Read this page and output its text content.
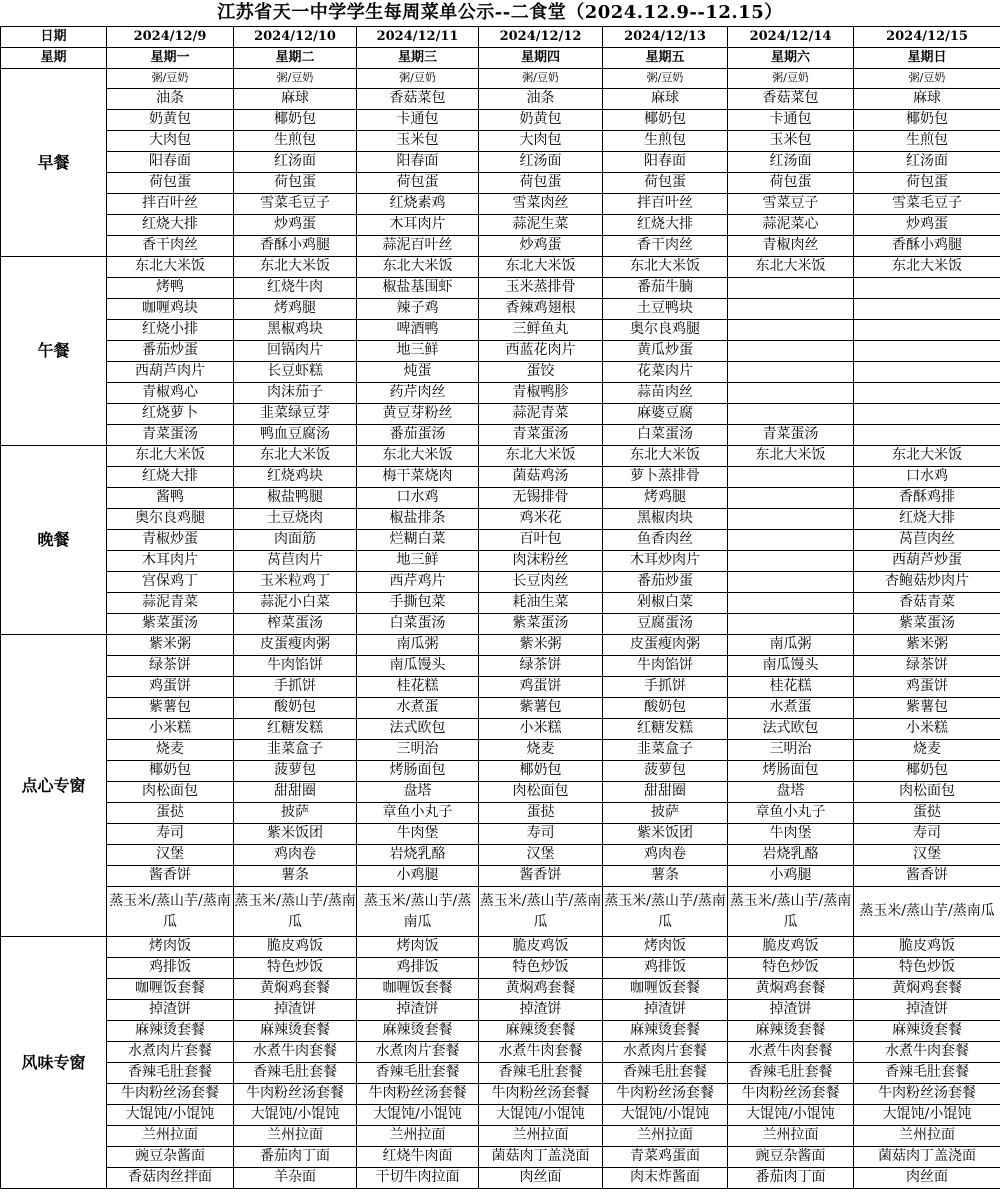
江苏省天一中学学生每周菜单公示--二食堂（2024.12.9--12.15）
日期	2024/12/9	2024/12/10	2024/12/11	2024/12/12	2024/12/13	2024/12/14	2024/12/15
星期	星期一	星期二	星期三	星期四	星期五	星期六	星期日
早餐	粥/豆奶	粥/豆奶	粥/豆奶	粥/豆奶	粥/豆奶	粥/豆奶	粥/豆奶
	油条	麻球	香菇菜包	油条	麻球	香菇菜包	麻球
	奶黄包	椰奶包	卡通包	奶黄包	椰奶包	卡通包	椰奶包
	大肉包	生煎包	玉米包	大肉包	生煎包	玉米包	生煎包
	阳春面	红汤面	阳春面	红汤面	阳春面	红汤面	红汤面
	荷包蛋	荷包蛋	荷包蛋	荷包蛋	荷包蛋	荷包蛋	荷包蛋
	拌百叶丝	雪菜毛豆子	红烧素鸡	雪菜肉丝	拌百叶丝	雪菜豆子	雪菜毛豆子
	红烧大排	炒鸡蛋	木耳肉片	蒜泥生菜	红烧大排	蒜泥菜心	炒鸡蛋
	香干肉丝	香酥小鸡腿	蒜泥百叶丝	炒鸡蛋	香干肉丝	青椒肉丝	香酥小鸡腿
午餐	东北大米饭	东北大米饭	东北大米饭	东北大米饭	东北大米饭	东北大米饭	东北大米饭
	烤鸭	红烧牛肉	椒盐基围虾	玉米蒸排骨	番茄牛腩		
	咖喱鸡块	烤鸡腿	辣子鸡	香辣鸡翅根	土豆鸭块		
	红烧小排	黑椒鸡块	啤酒鸭	三鲜鱼丸	奥尔良鸡腿		
	番茄炒蛋	回锅肉片	地三鲜	西蓝花肉片	黄瓜炒蛋		
	西葫芦肉片	长豆虾糕	炖蛋	蛋饺	花菜肉片		
	青椒鸡心	肉沫茄子	药芹肉丝	青椒鸭胗	蒜苗肉丝		
	红烧萝卜	韭菜绿豆芽	黄豆芽粉丝	蒜泥青菜	麻婆豆腐		
	青菜蛋汤	鸭血豆腐汤	番茄蛋汤	青菜蛋汤	白菜蛋汤	青菜蛋汤	
晚餐	东北大米饭	东北大米饭	东北大米饭	东北大米饭	东北大米饭	东北大米饭	东北大米饭
	红烧大排	红烧鸡块	梅干菜烧肉	菌菇鸡汤	萝卜蒸排骨		口水鸡
	酱鸭	椒盐鸭腿	口水鸡	无锡排骨	烤鸡腿		香酥鸡排
	奥尔良鸡腿	土豆烧肉	椒盐排条	鸡米花	黑椒肉块		红烧大排
	青椒炒蛋	肉面筋	烂糊白菜	百叶包	鱼香肉丝		莴苣肉丝
	木耳肉片	莴苣肉片	地三鲜	肉沫粉丝	木耳炒肉片		西葫芦炒蛋
	宫保鸡丁	玉米粒鸡丁	西芹鸡片	长豆肉丝	番茄炒蛋		杏鲍菇炒肉片
	蒜泥青菜	蒜泥小白菜	手撕包菜	耗油生菜	剁椒白菜		香菇青菜
	紫菜蛋汤	榨菜蛋汤	白菜蛋汤	紫菜蛋汤	豆腐蛋汤		紫菜蛋汤
点心专窗	紫米粥	皮蛋瘦肉粥	南瓜粥	紫米粥	皮蛋瘦肉粥	南瓜粥	紫米粥
	绿茶饼	牛肉馅饼	南瓜馒头	绿茶饼	牛肉馅饼	南瓜馒头	绿茶饼
	鸡蛋饼	手抓饼	桂花糕	鸡蛋饼	手抓饼	桂花糕	鸡蛋饼
	紫薯包	酸奶包	水煮蛋	紫薯包	酸奶包	水煮蛋	紫薯包
	小米糕	红糖发糕	法式欧包	小米糕	红糖发糕	法式欧包	小米糕
	烧麦	韭菜盒子	三明治	烧麦	韭菜盒子	三明治	烧麦
	椰奶包	菠萝包	烤肠面包	椰奶包	菠萝包	烤肠面包	椰奶包
	肉松面包	甜甜圈	盘塔	肉松面包	甜甜圈	盘塔	肉松面包
	蛋挞	披萨	章鱼小丸子	蛋挞	披萨	章鱼小丸子	蛋挞
	寿司	紫米饭团	牛肉堡	寿司	紫米饭团	牛肉堡	寿司
	汉堡	鸡肉卷	岩烧乳酪	汉堡	鸡肉卷	岩烧乳酪	汉堡
	酱香饼	薯条	小鸡腿	酱香饼	薯条	小鸡腿	酱香饼
	蒸玉米/蒸山芋/蒸南瓜	蒸玉米/蒸山芋/蒸南瓜	蒸玉米/蒸山芋/蒸南瓜	蒸玉米/蒸山芋/蒸南瓜	蒸玉米/蒸山芋/蒸南瓜	蒸玉米/蒸山芋/蒸南瓜	蒸玉米/蒸山芋/蒸南瓜
风味专窗	烤肉饭	脆皮鸡饭	烤肉饭	脆皮鸡饭	烤肉饭	脆皮鸡饭	脆皮鸡饭
	鸡排饭	特色炒饭	鸡排饭	特色炒饭	鸡排饭	特色炒饭	特色炒饭
	咖喱饭套餐	黄焖鸡套餐	咖喱饭套餐	黄焖鸡套餐	咖喱饭套餐	黄焖鸡套餐	黄焖鸡套餐
	掉渣饼	掉渣饼	掉渣饼	掉渣饼	掉渣饼	掉渣饼	掉渣饼
	麻辣烫套餐	麻辣烫套餐	麻辣烫套餐	麻辣烫套餐	麻辣烫套餐	麻辣烫套餐	麻辣烫套餐
	水煮肉片套餐	水煮牛肉套餐	水煮肉片套餐	水煮牛肉套餐	水煮肉片套餐	水煮牛肉套餐	水煮牛肉套餐
	香辣毛肚套餐	香辣毛肚套餐	香辣毛肚套餐	香辣毛肚套餐	香辣毛肚套餐	香辣毛肚套餐	香辣毛肚套餐
	牛肉粉丝汤套餐	牛肉粉丝汤套餐	牛肉粉丝汤套餐	牛肉粉丝汤套餐	牛肉粉丝汤套餐	牛肉粉丝汤套餐	牛肉粉丝汤套餐
	大馄饨/小馄饨	大馄饨/小馄饨	大馄饨/小馄饨	大馄饨/小馄饨	大馄饨/小馄饨	大馄饨/小馄饨	大馄饨/小馄饨
	兰州拉面	兰州拉面	兰州拉面	兰州拉面	兰州拉面	兰州拉面	兰州拉面
	豌豆杂酱面	番茄肉丁面	红烧牛肉面	菌菇肉丁盖浇面	青菜鸡蛋面	豌豆杂酱面	菌菇肉丁盖浇面
	香菇肉丝拌面	羊杂面	干切牛肉拉面	肉丝面	肉末炸酱面	番茄肉丁面	肉丝面
